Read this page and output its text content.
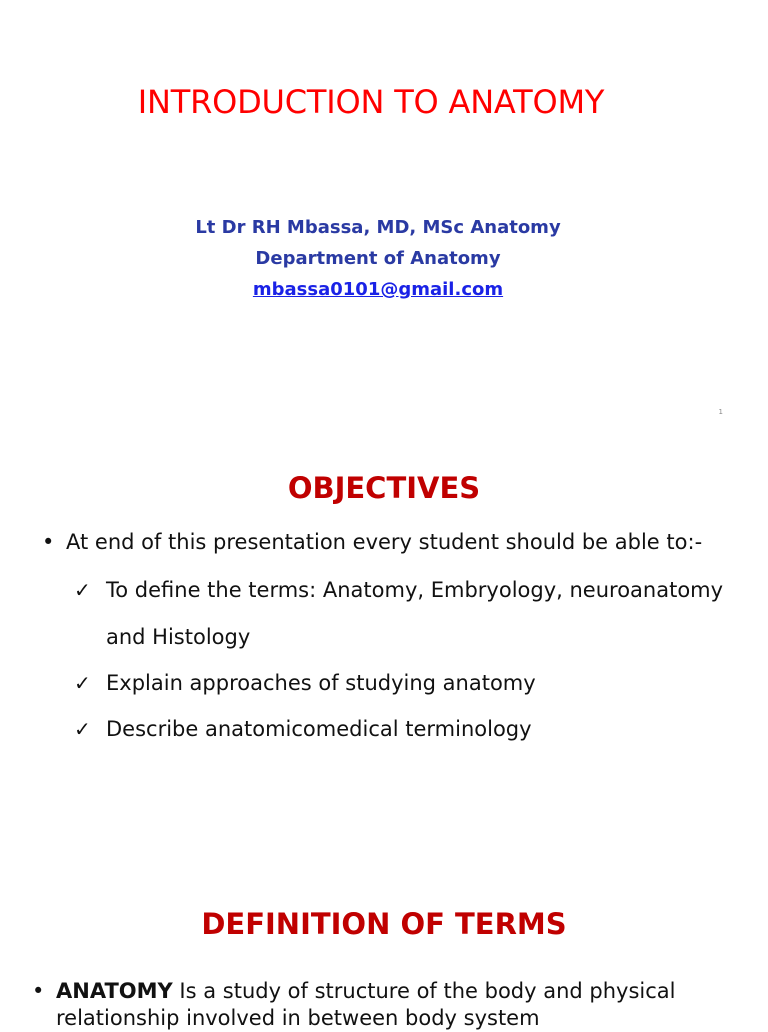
INTRODUCTION TO ANATOMY
Lt Dr RH Mbassa, MD, MSc Anatomy
Department of Anatomy
mbassa0101@gmail.com
1
OBJECTIVES
• At end of this presentation every student should be able to:-
✓ To define the terms: Anatomy, Embryology, neuroanatomy and Histology
✓ Explain approaches of studying anatomy
✓ Describe anatomicomedical terminology
DEFINITION OF TERMS
• ANATOMY Is a study of structure of the body and physical relationship involved in between body system
